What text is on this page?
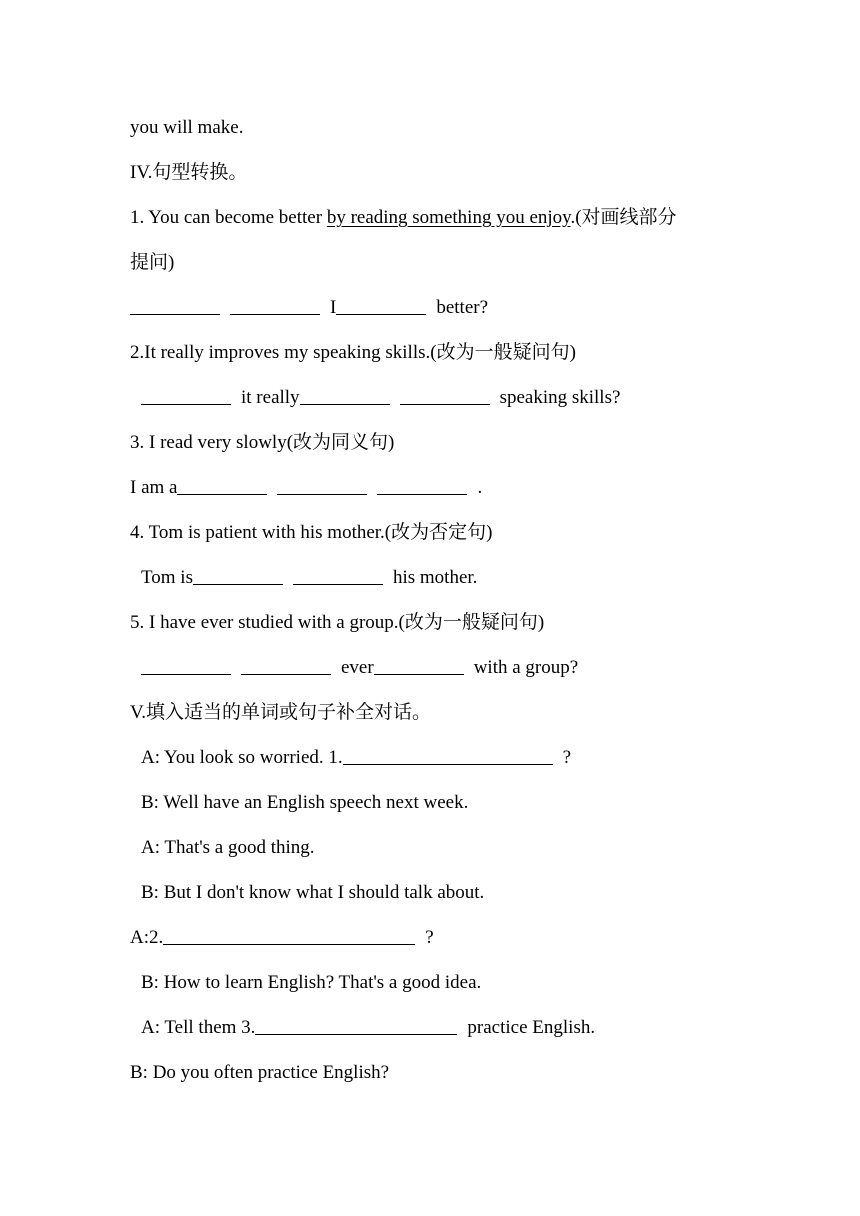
you will make.
IV.句型转换。
1. You can become better by reading something you enjoy.(对画线部分
提问)
I	better?
2.It really improves my speaking skills.(改为一般疑问句)
it really	speaking skills?
3. I read very slowly(改为同义句)
I am a	.
4. Tom is patient with his mother.(改为否定句)
Tom is	his mother.
5. I have ever studied with a group.(改为一般疑问句)
ever	with a group?
V.填入适当的单词或句子补全对话。
A: You look so worried. 1.	?
B: Well have an English speech next week.
A: That's a good thing.
B: But I don't know what I should talk about.
A:2.	?
B: How to learn English? That's a good idea.
A: Tell them 3.	practice English.
B: Do you often practice English?
